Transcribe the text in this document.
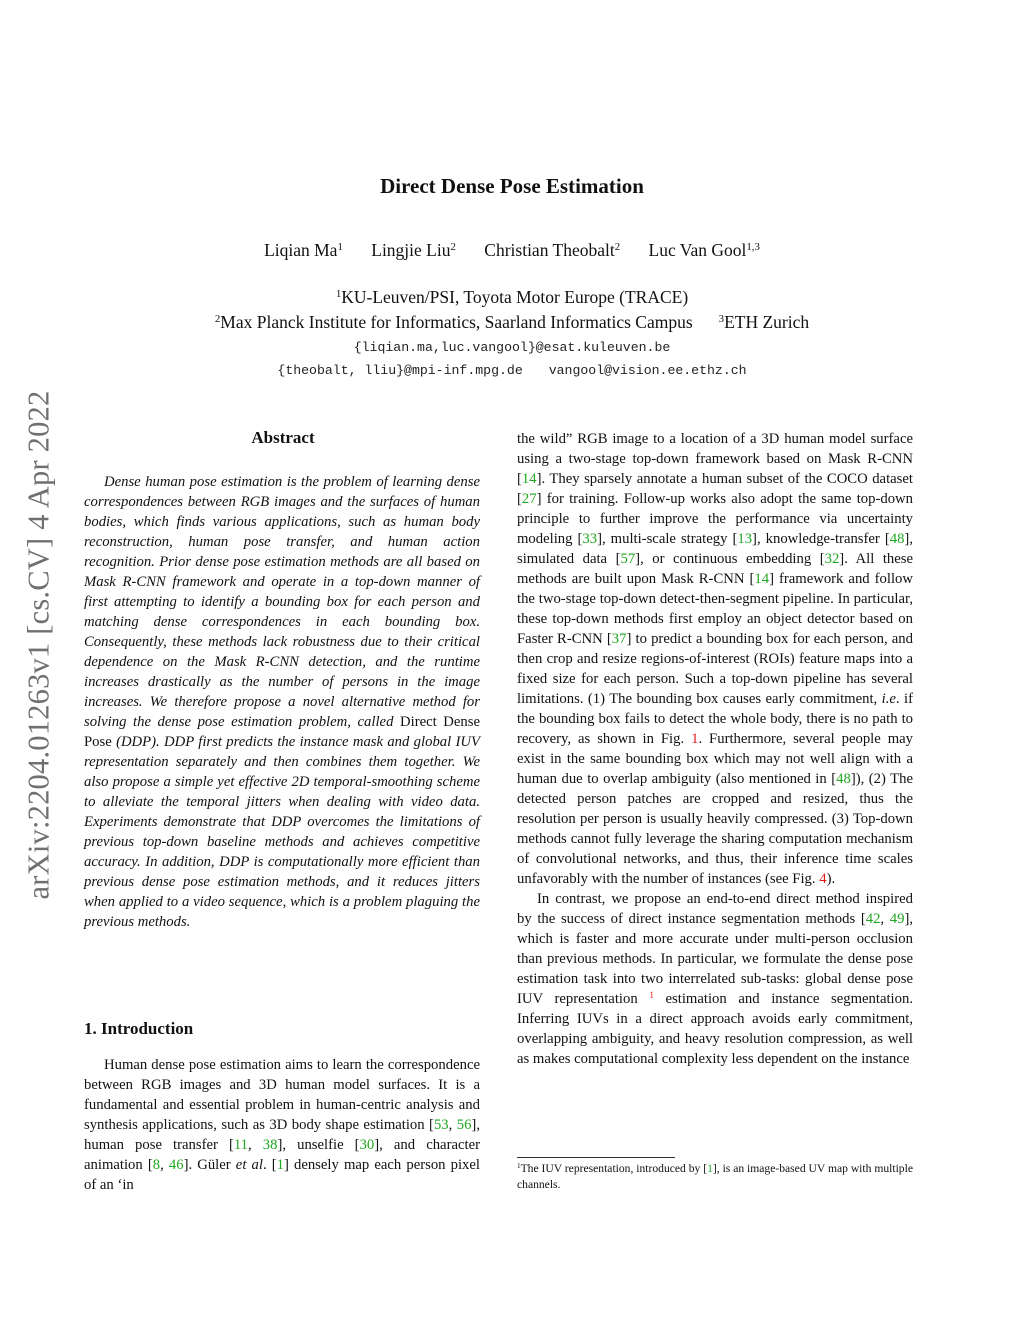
arXiv:2204.01263v1 [cs.CV] 4 Apr 2022
Direct Dense Pose Estimation
Liqian Ma$^1$ Lingjie Liu$^2$ Christian Theobalt$^2$ Luc Van Gool$^{1,3}$
$^1$KU-Leuven/PSI, Toyota Motor Europe (TRACE)
$^2$Max Planck Institute for Informatics, Saarland Informatics Campus $^3$ETH Zurich
{liqian.ma,luc.vangool}@esat.kuleuven.be
{theobalt, lliu}@mpi-inf.mpg.de vangool@vision.ee.ethz.ch
Abstract

Dense human pose estimation is the problem of learning dense correspondences between RGB images and the surfaces of human bodies, which finds various applications, such as human body reconstruction, human pose transfer, and human action recognition. Prior dense pose estimation methods are all based on Mask R-CNN framework and operate in a top-down manner of first attempting to identify a bounding box for each person and matching dense correspondences in each bounding box. Consequently, these methods lack robustness due to their critical dependence on the Mask R-CNN detection, and the runtime increases drastically as the number of persons in the image increases. We therefore propose a novel alternative method for solving the dense pose estimation problem, called Direct Dense Pose (DDP). DDP first predicts the instance mask and global IUV representation separately and then combines them together. We also propose a simple yet effective 2D temporal-smoothing scheme to alleviate the temporal jitters when dealing with video data. Experiments demonstrate that DDP overcomes the limitations of previous top-down baseline methods and achieves competitive accuracy. In addition, DDP is computationally more efficient than previous dense pose estimation methods, and it reduces jitters when applied to a video sequence, which is a problem plaguing the previous methods.

1. Introduction

Human dense pose estimation aims to learn the correspondence between RGB images and 3D human model surfaces. It is a fundamental and essential problem in human-centric analysis and synthesis applications, such as 3D body shape estimation [53, 56], human pose transfer [11, 38], unselfie [30], and character animation [8, 46]. Güler et al. [1] densely map each person pixel of an ‘in

the wild” RGB image to a location of a 3D human model surface using a two-stage top-down framework based on Mask R-CNN [14]. They sparsely annotate a human subset of the COCO dataset [27] for training. Follow-up works also adopt the same top-down principle to further improve the performance via uncertainty modeling [33], multi-scale strategy [13], knowledge-transfer [48], simulated data [57], or continuous embedding [32]. All these methods are built upon Mask R-CNN [14] framework and follow the two-stage top-down detect-then-segment pipeline. In particular, these top-down methods first employ an object detector based on Faster R-CNN [37] to predict a bounding box for each person, and then crop and resize regions-of-interest (ROIs) feature maps into a fixed size for each person. Such a top-down pipeline has several limitations. (1) The bounding box causes early commitment, i.e. if the bounding box fails to detect the whole body, there is no path to recovery, as shown in Fig. 1. Furthermore, several people may exist in the same bounding box which may not well align with a human due to overlap ambiguity (also mentioned in [48]), (2) The detected person patches are cropped and resized, thus the resolution per person is usually heavily compressed. (3) Top-down methods cannot fully leverage the sharing computation mechanism of convolutional networks, and thus, their inference time scales unfavorably with the number of instances (see Fig. 4).

In contrast, we propose an end-to-end direct method inspired by the success of direct instance segmentation methods [42, 49], which is faster and more accurate under multi-person occlusion than previous methods. In particular, we formulate the dense pose estimation task into two interrelated sub-tasks: global dense pose IUV representation $^1$ estimation and instance segmentation. Inferring IUVs in a direct approach avoids early commitment, overlapping ambiguity, and heavy resolution compression, as well as makes computational complexity less dependent on the instance

$^1$The IUV representation, introduced by [1], is an image-based UV map with multiple channels.
